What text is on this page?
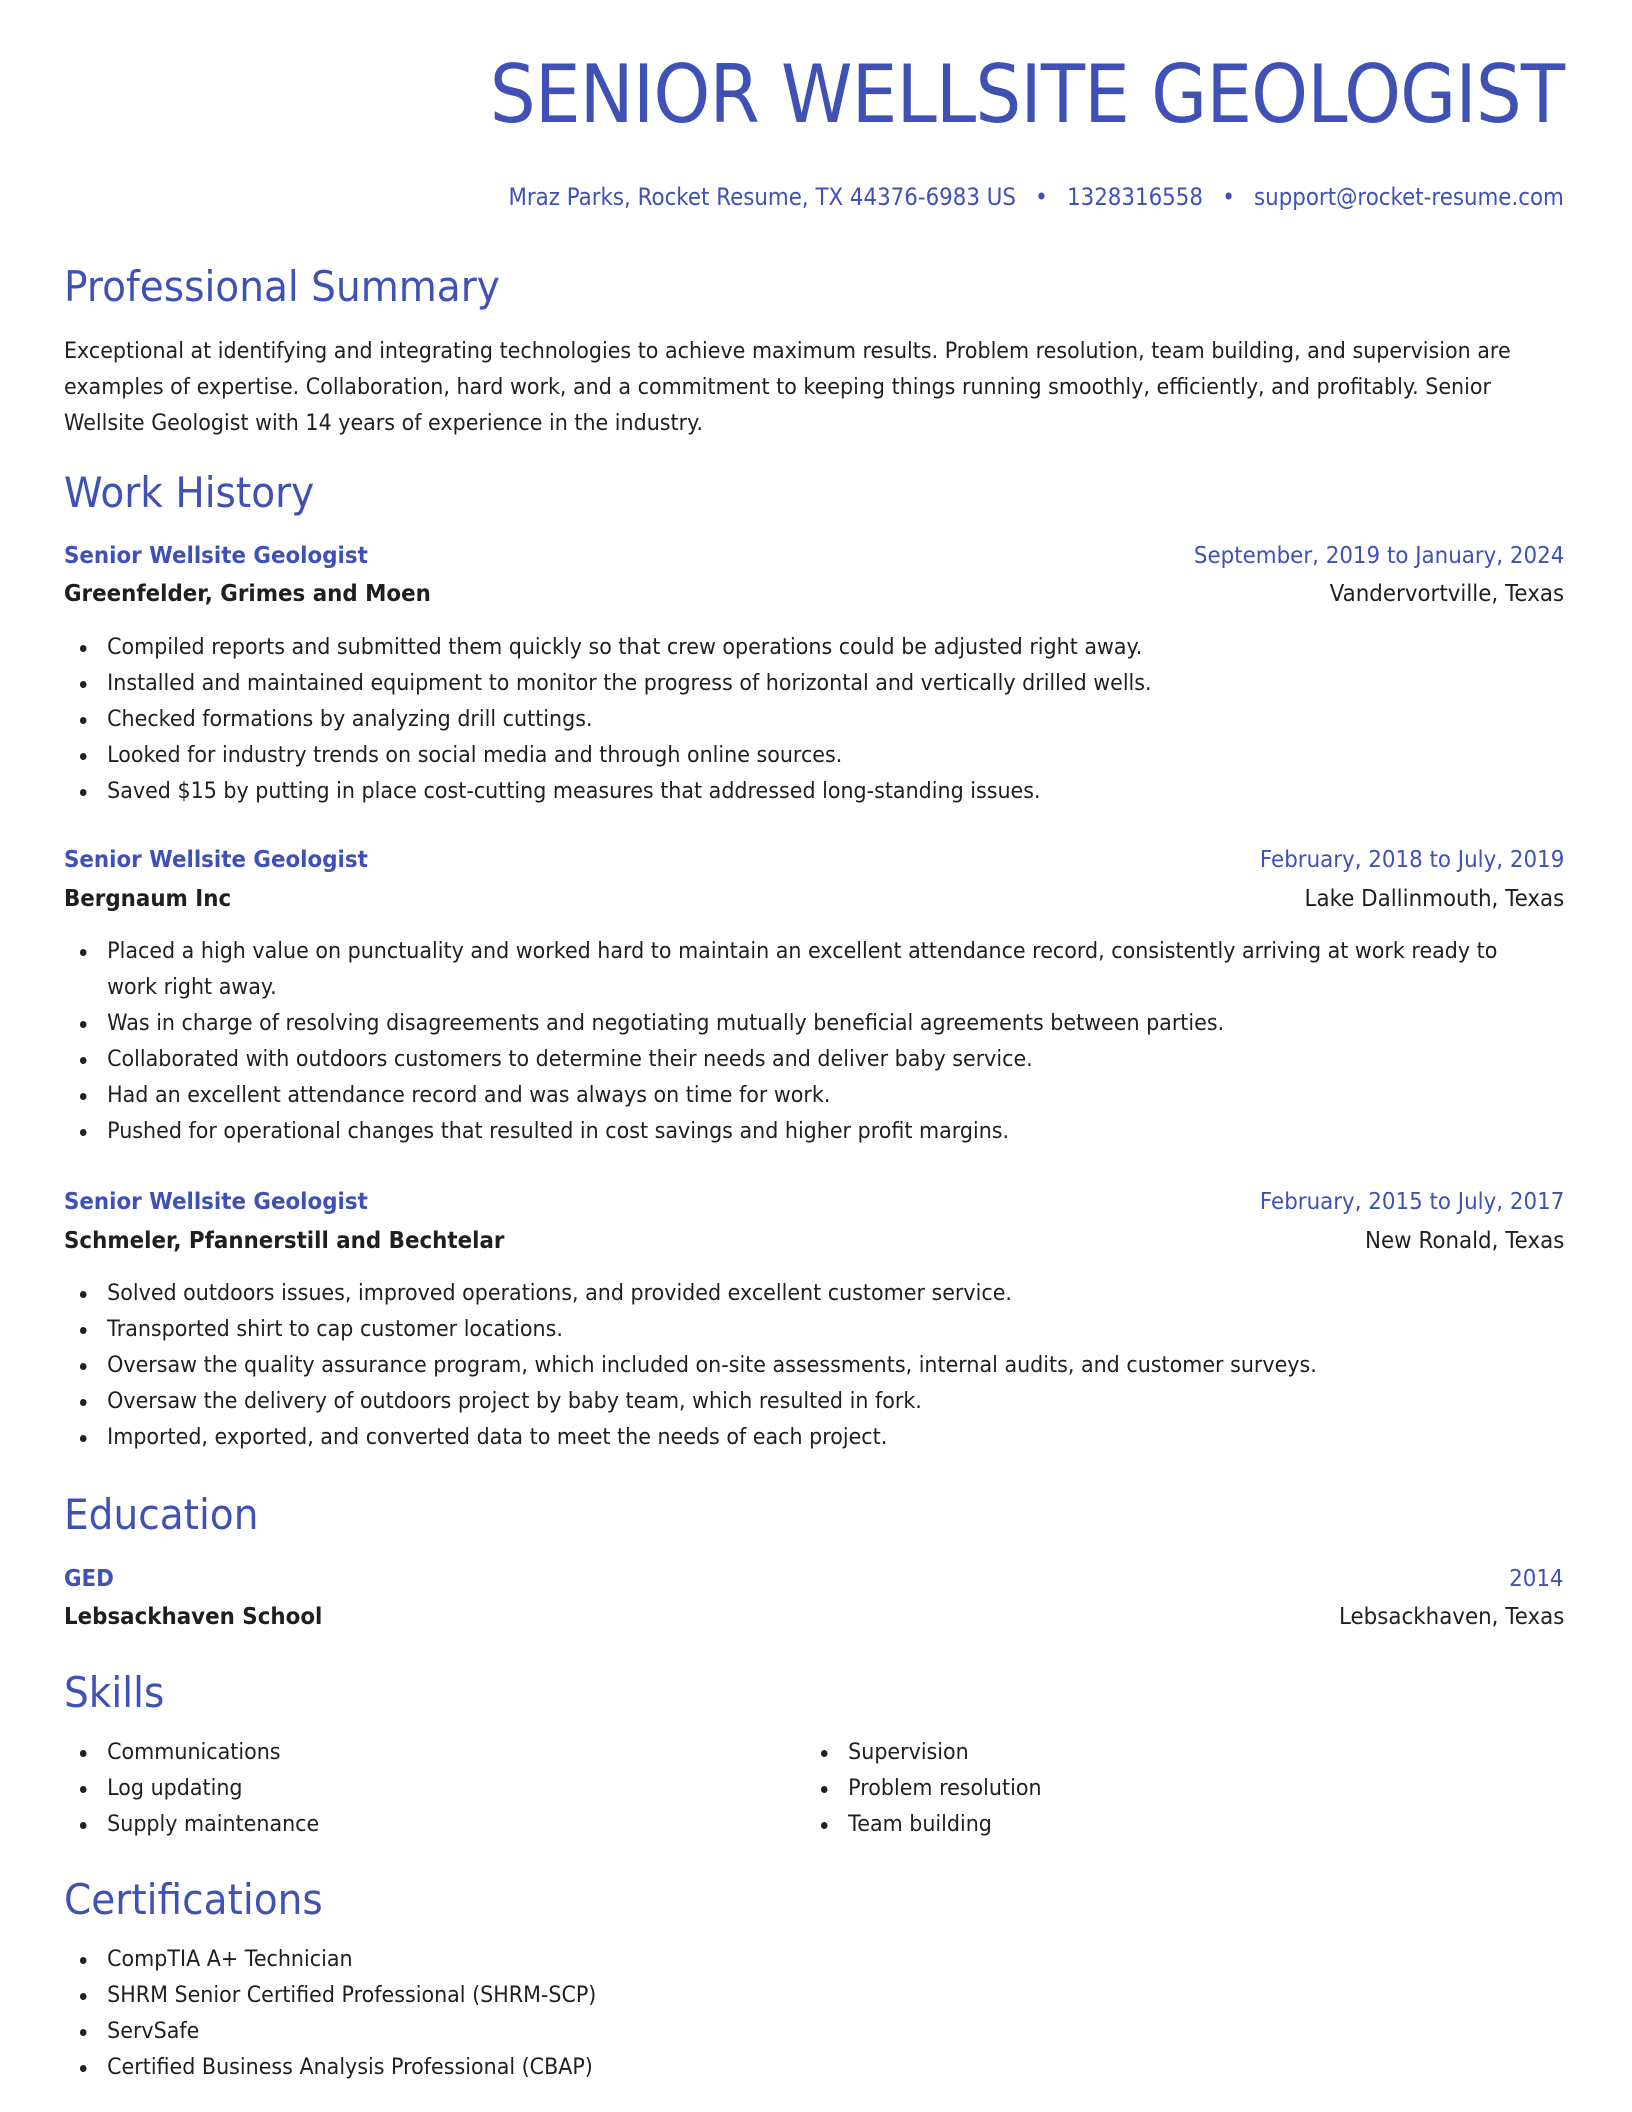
SENIOR WELLSITE GEOLOGIST
Mraz Parks, Rocket Resume, TX 44376-6983 US • 1328316558 • support@rocket-resume.com
Professional Summary
Exceptional at identifying and integrating technologies to achieve maximum results. Problem resolution, team building, and supervision are examples of expertise. Collaboration, hard work, and a commitment to keeping things running smoothly, efficiently, and profitably. Senior Wellsite Geologist with 14 years of experience in the industry.
Work History
Senior Wellsite Geologist	September, 2019 to January, 2024
Greenfelder, Grimes and Moen	Vandervortville, Texas
Compiled reports and submitted them quickly so that crew operations could be adjusted right away.
Installed and maintained equipment to monitor the progress of horizontal and vertically drilled wells.
Checked formations by analyzing drill cuttings.
Looked for industry trends on social media and through online sources.
Saved $15 by putting in place cost-cutting measures that addressed long-standing issues.
Senior Wellsite Geologist	February, 2018 to July, 2019
Bergnaum Inc	Lake Dallinmouth, Texas
Placed a high value on punctuality and worked hard to maintain an excellent attendance record, consistently arriving at work ready to work right away.
Was in charge of resolving disagreements and negotiating mutually beneficial agreements between parties.
Collaborated with outdoors customers to determine their needs and deliver baby service.
Had an excellent attendance record and was always on time for work.
Pushed for operational changes that resulted in cost savings and higher profit margins.
Senior Wellsite Geologist	February, 2015 to July, 2017
Schmeler, Pfannerstill and Bechtelar	New Ronald, Texas
Solved outdoors issues, improved operations, and provided excellent customer service.
Transported shirt to cap customer locations.
Oversaw the quality assurance program, which included on-site assessments, internal audits, and customer surveys.
Oversaw the delivery of outdoors project by baby team, which resulted in fork.
Imported, exported, and converted data to meet the needs of each project.
Education
GED	2014
Lebsackhaven School	Lebsackhaven, Texas
Skills
Communications
Log updating
Supply maintenance
Supervision
Problem resolution
Team building
Certifications
CompTIA A+ Technician
SHRM Senior Certified Professional (SHRM-SCP)
ServSafe
Certified Business Analysis Professional (CBAP)
